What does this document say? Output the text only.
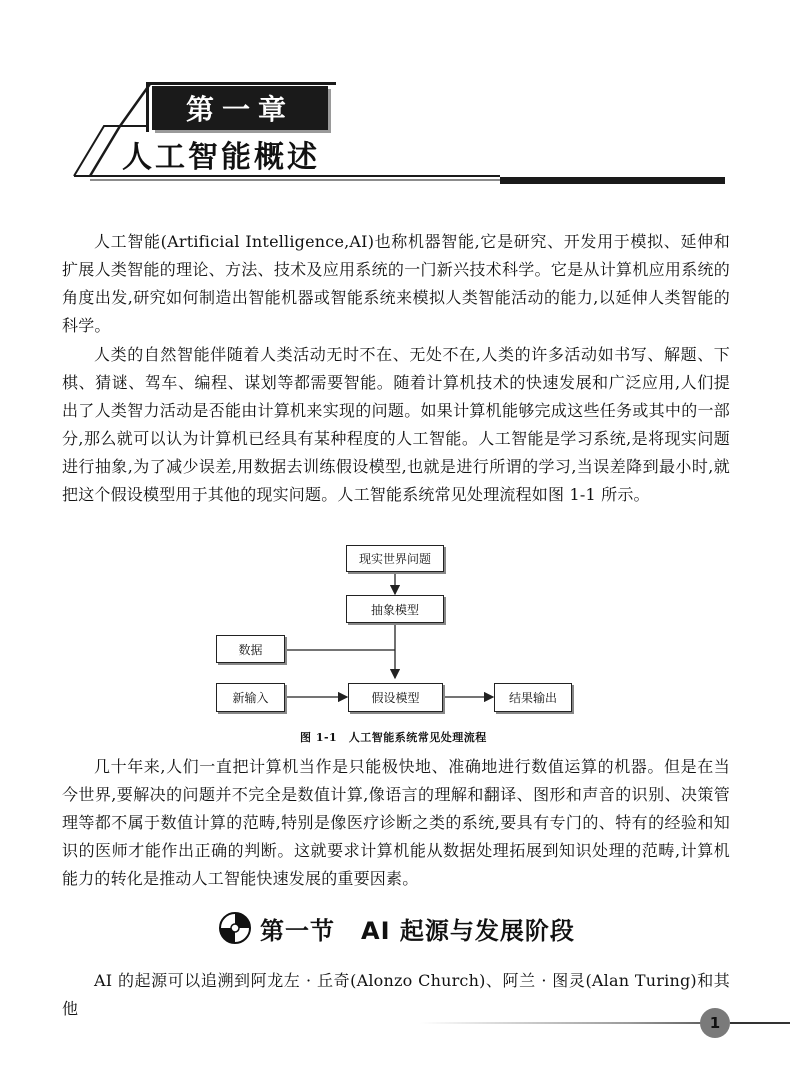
第一章
人工智能概述

人工智能(Artificial Intelligence,AI)也称机器智能,它是研究、开发用于模拟、延伸和扩展人类智能的理论、方法、技术及应用系统的一门新兴技术科学。它是从计算机应用系统的角度出发,研究如何制造出智能机器或智能系统来模拟人类智能活动的能力,以延伸人类智能的科学。

人类的自然智能伴随着人类活动无时不在、无处不在,人类的许多活动如书写、解题、下棋、猜谜、驾车、编程、谋划等都需要智能。随着计算机技术的快速发展和广泛应用,人们提出了人类智力活动是否能由计算机来实现的问题。如果计算机能够完成这些任务或其中的一部分,那么就可以认为计算机已经具有某种程度的人工智能。人工智能是学习系统,是将现实问题进行抽象,为了减少误差,用数据去训练假设模型,也就是进行所谓的学习,当误差降到最小时,就把这个假设模型用于其他的现实问题。人工智能系统常见处理流程如图 1-1 所示。

现实世界问题
抽象模型
数据
新输入	假设模型	结果输出
图 1-1　人工智能系统常见处理流程

几十年来,人们一直把计算机当作是只能极快地、准确地进行数值运算的机器。但是在当今世界,要解决的问题并不完全是数值计算,像语言的理解和翻译、图形和声音的识别、决策管理等都不属于数值计算的范畴,特别是像医疗诊断之类的系统,要具有专门的、特有的经验和知识的医师才能作出正确的判断。这就要求计算机能从数据处理拓展到知识处理的范畴,计算机能力的转化是推动人工智能快速发展的重要因素。

第一节 AI 起源与发展阶段

AI 的起源可以追溯到阿龙左 · 丘奇(Alonzo Church)、阿兰 · 图灵(Alan Turing)和其他

1
